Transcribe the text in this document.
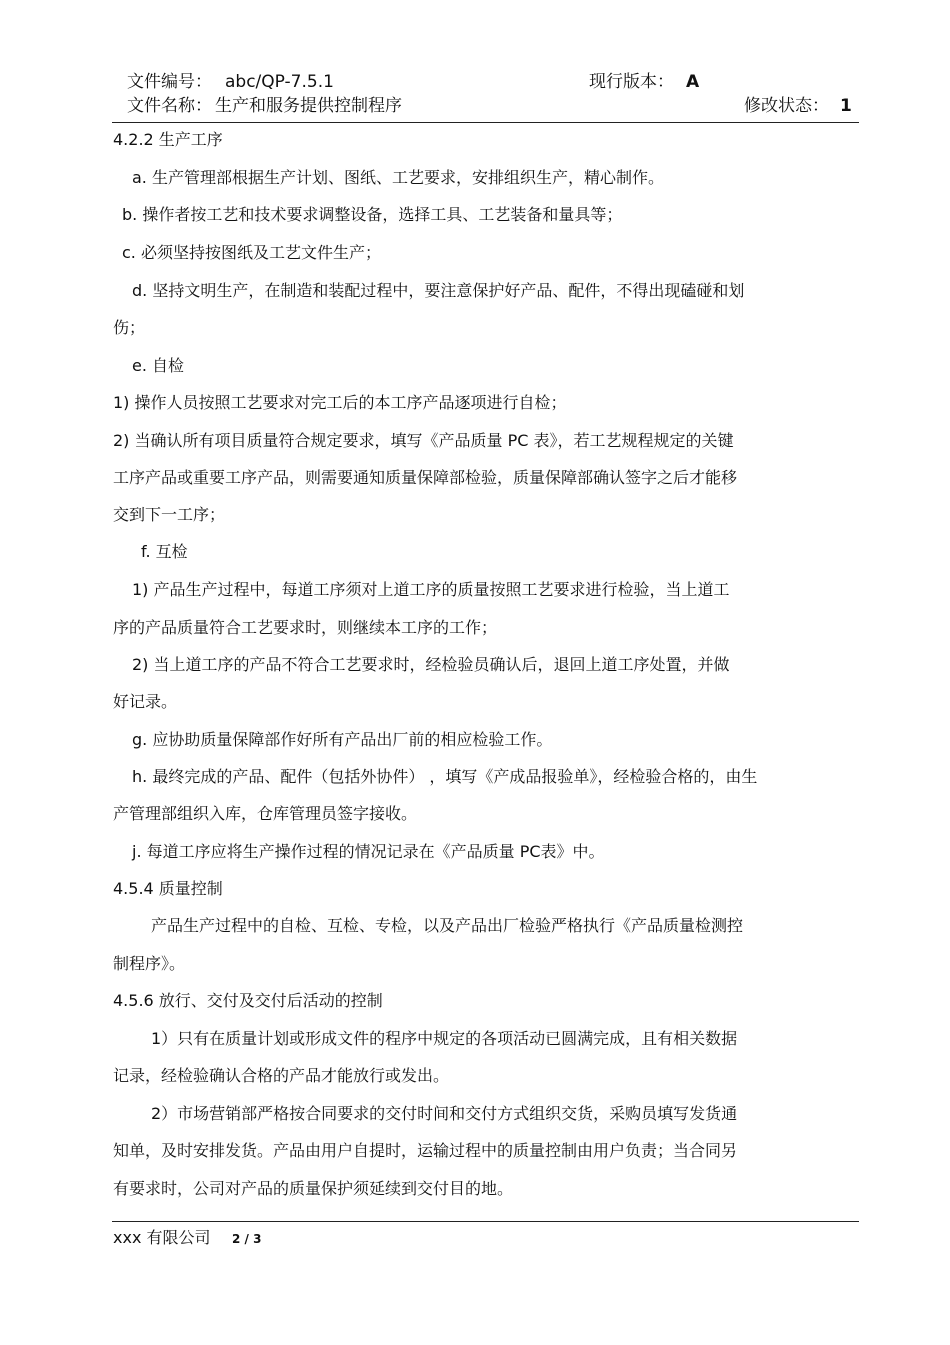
文件编号： abc/QP-7.5.1	现行版本： A
文件名称： 生产和服务提供控制程序	修改状态： 1
4.2.2 生产工序
a. 生产管理部根据生产计划、图纸、工艺要求，安排组织生产，精心制作。
b. 操作者按工艺和技术要求调整设备，选择工具、工艺装备和量具等；
c. 必须坚持按图纸及工艺文件生产；
d. 坚持文明生产，在制造和装配过程中，要注意保护好产品、配件，不得出现磕碰和划
伤；
e. 自检
1) 操作人员按照工艺要求对完工后的本工序产品逐项进行自检；
2) 当确认所有项目质量符合规定要求，填写《产品质量 PC 表》，若工艺规程规定的关键
工序产品或重要工序产品，则需要通知质量保障部检验，质量保障部确认签字之后才能移
交到下一工序；
f. 互检
1) 产品生产过程中，每道工序须对上道工序的质量按照工艺要求进行检验，当上道工
序的产品质量符合工艺要求时，则继续本工序的工作；
2) 当上道工序的产品不符合工艺要求时，经检验员确认后，退回上道工序处置，并做
好记录。
g. 应协助质量保障部作好所有产品出厂前的相应检验工作。
h. 最终完成的产品、配件（包括外协件） ，填写《产成品报验单》，经检验合格的，由生
产管理部组织入库，仓库管理员签字接收。
j. 每道工序应将生产操作过程的情况记录在《产品质量 PC表》中。
4.5.4 质量控制
产品生产过程中的自检、互检、专检，以及产品出厂检验严格执行《产品质量检测控
制程序》。
4.5.6 放行、交付及交付后活动的控制
1）只有在质量计划或形成文件的程序中规定的各项活动已圆满完成，且有相关数据
记录，经检验确认合格的产品才能放行或发出。
2）市场营销部严格按合同要求的交付时间和交付方式组织交货，采购员填写发货通
知单，及时安排发货。产品由用户自提时，运输过程中的质量控制由用户负责；当合同另
有要求时，公司对产品的质量保护须延续到交付目的地。
xxx 有限公司 2 / 3
